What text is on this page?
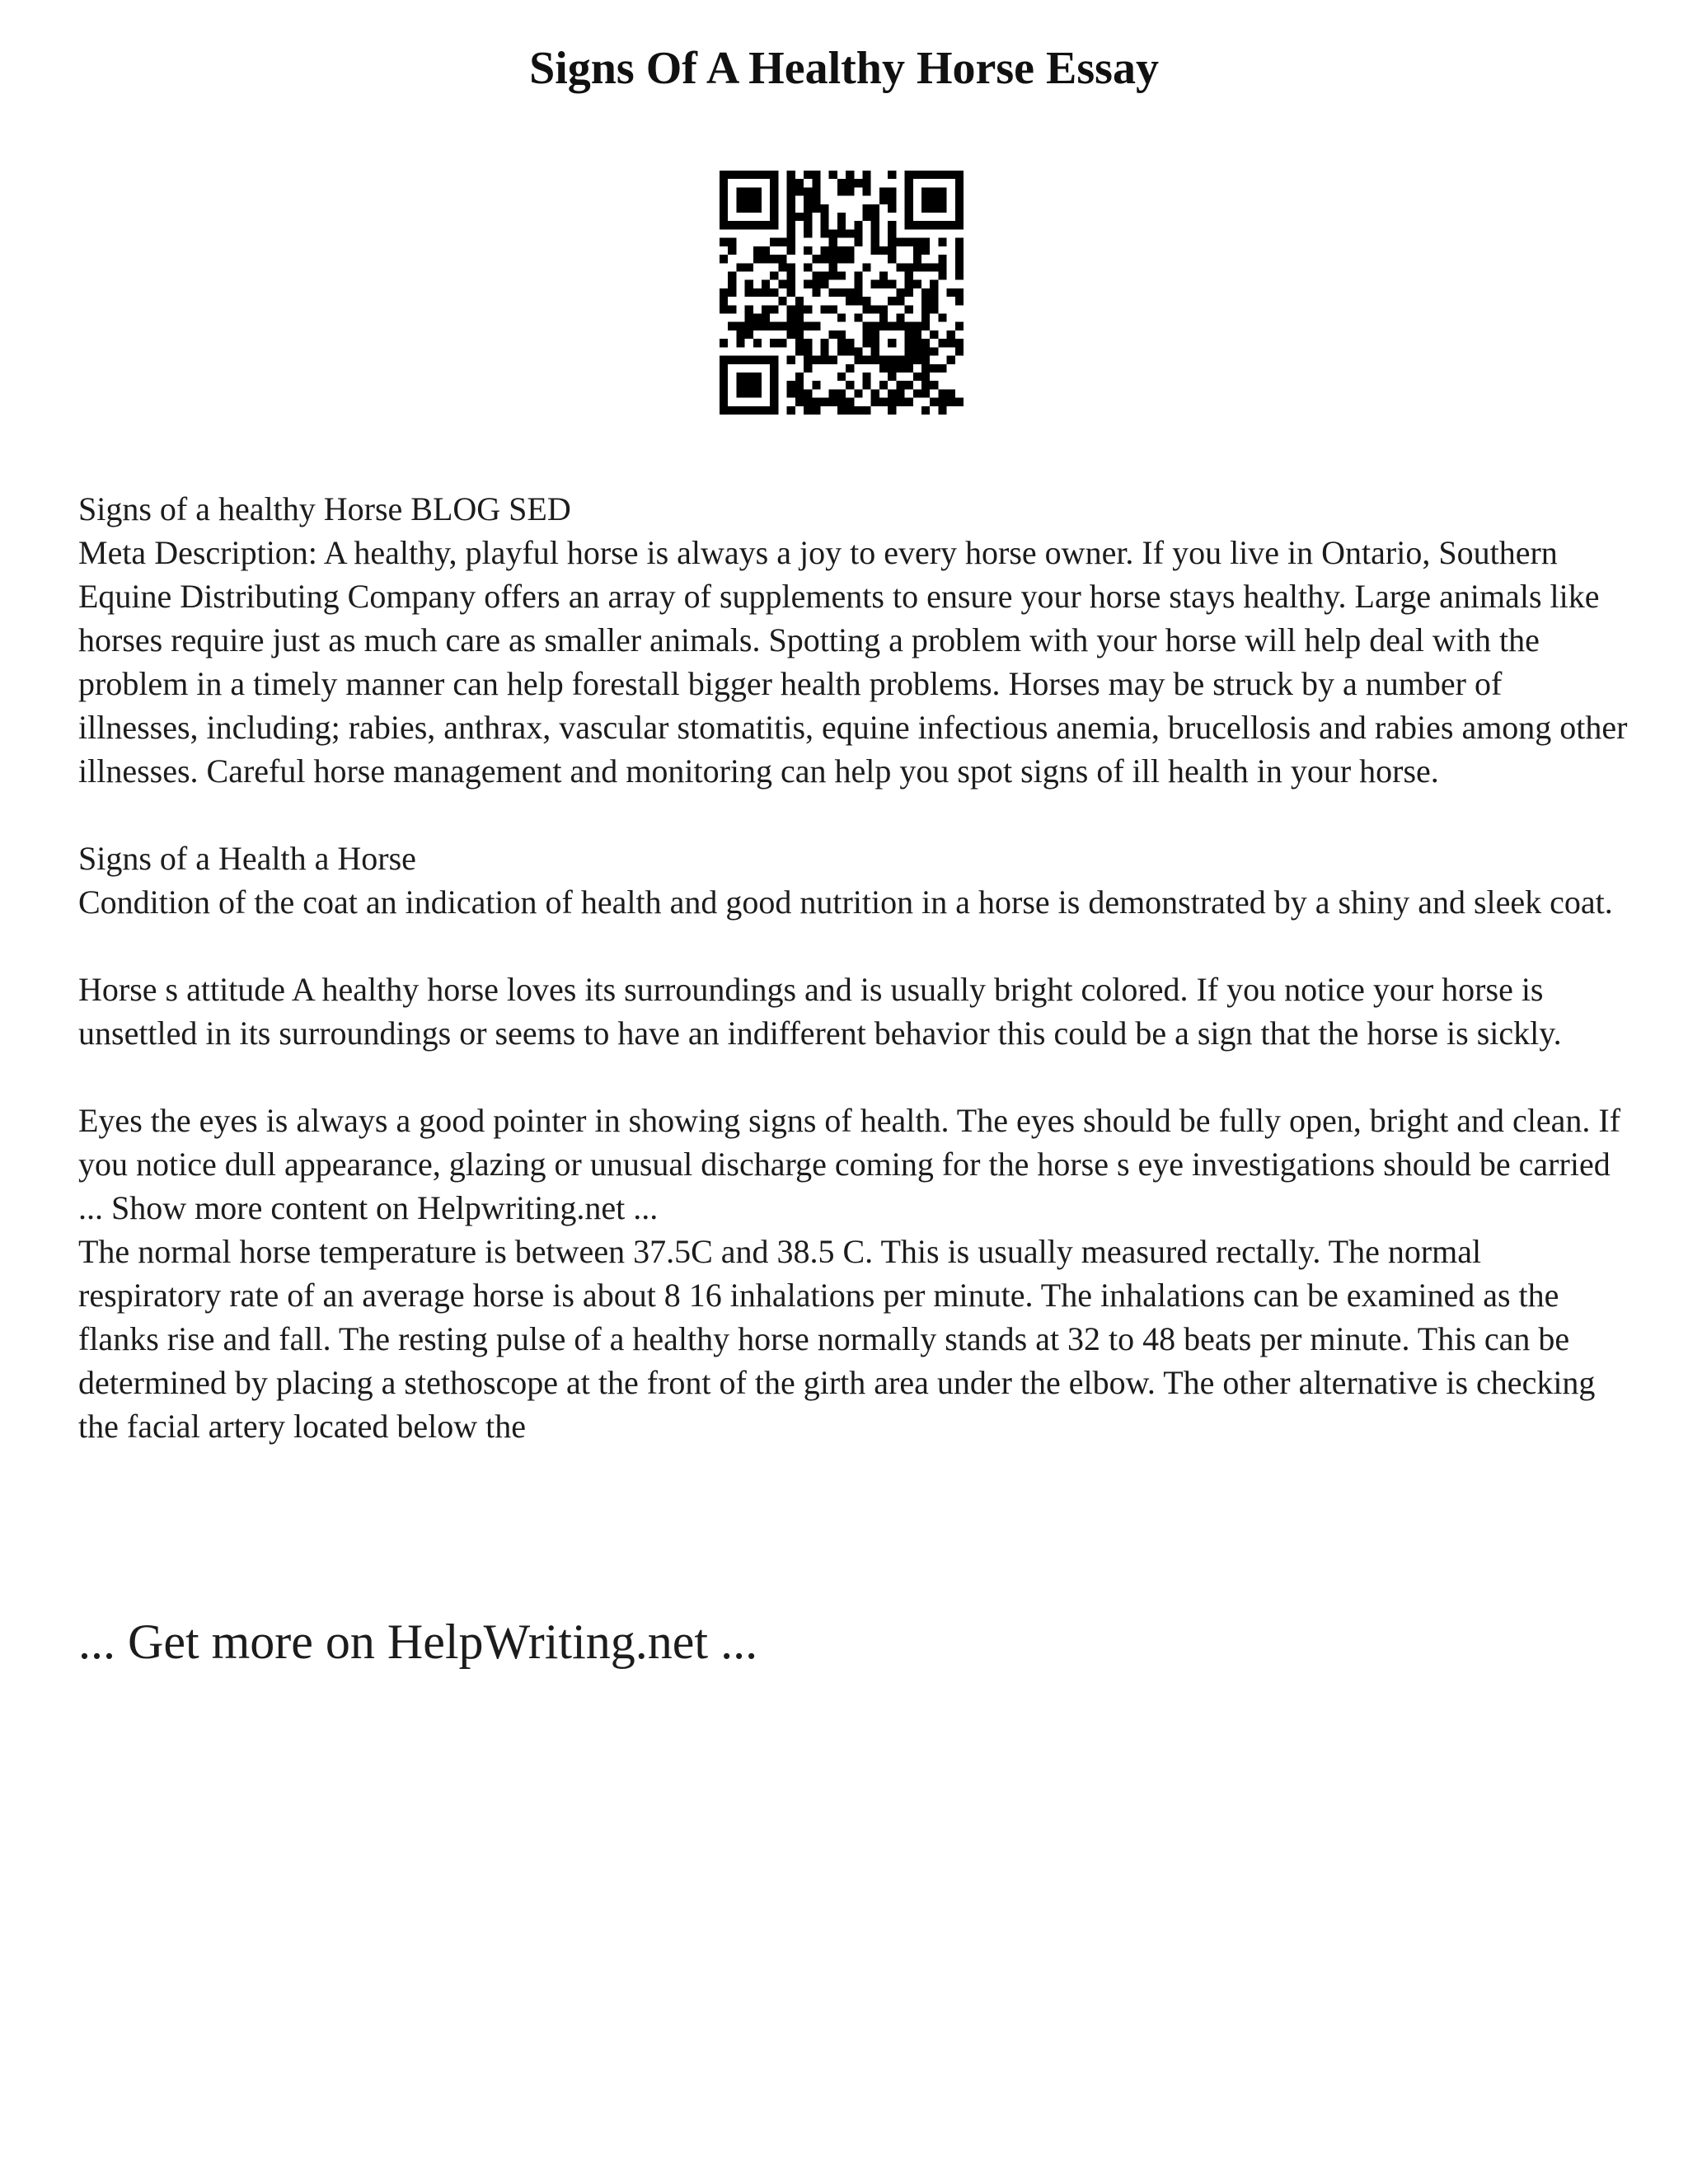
Signs Of A Healthy Horse Essay

Signs of a healthy Horse BLOG SED

Meta Description: A healthy, playful horse is always a joy to every horse owner. If you live in Ontario, Southern Equine Distributing Company offers an array of supplements to ensure your horse stays healthy. Large animals like horses require just as much care as smaller animals. Spotting a problem with your horse will help deal with the problem in a timely manner can help forestall bigger health problems. Horses may be struck by a number of illnesses, including; rabies, anthrax, vascular stomatitis, equine infectious anemia, brucellosis and rabies among other illnesses. Careful horse management and monitoring can help you spot signs of ill health in your horse.

Signs of a Health a Horse

Condition of the coat an indication of health and good nutrition in a horse is demonstrated by a shiny and sleek coat.

Horse s attitude A healthy horse loves its surroundings and is usually bright colored. If you notice your horse is unsettled in its surroundings or seems to have an indifferent behavior this could be a sign that the horse is sickly.

Eyes the eyes is always a good pointer in showing signs of health. The eyes should be fully open, bright and clean. If you notice dull appearance, glazing or unusual discharge coming for the horse s eye investigations should be carried ... Show more content on Helpwriting.net ...

The normal horse temperature is between 37.5C and 38.5 C. This is usually measured rectally. The normal respiratory rate of an average horse is about 8 16 inhalations per minute. The inhalations can be examined as the flanks rise and fall. The resting pulse of a healthy horse normally stands at 32 to 48 beats per minute. This can be determined by placing a stethoscope at the front of the girth area under the elbow. The other alternative is checking the facial artery located below the

... Get more on HelpWriting.net ...
